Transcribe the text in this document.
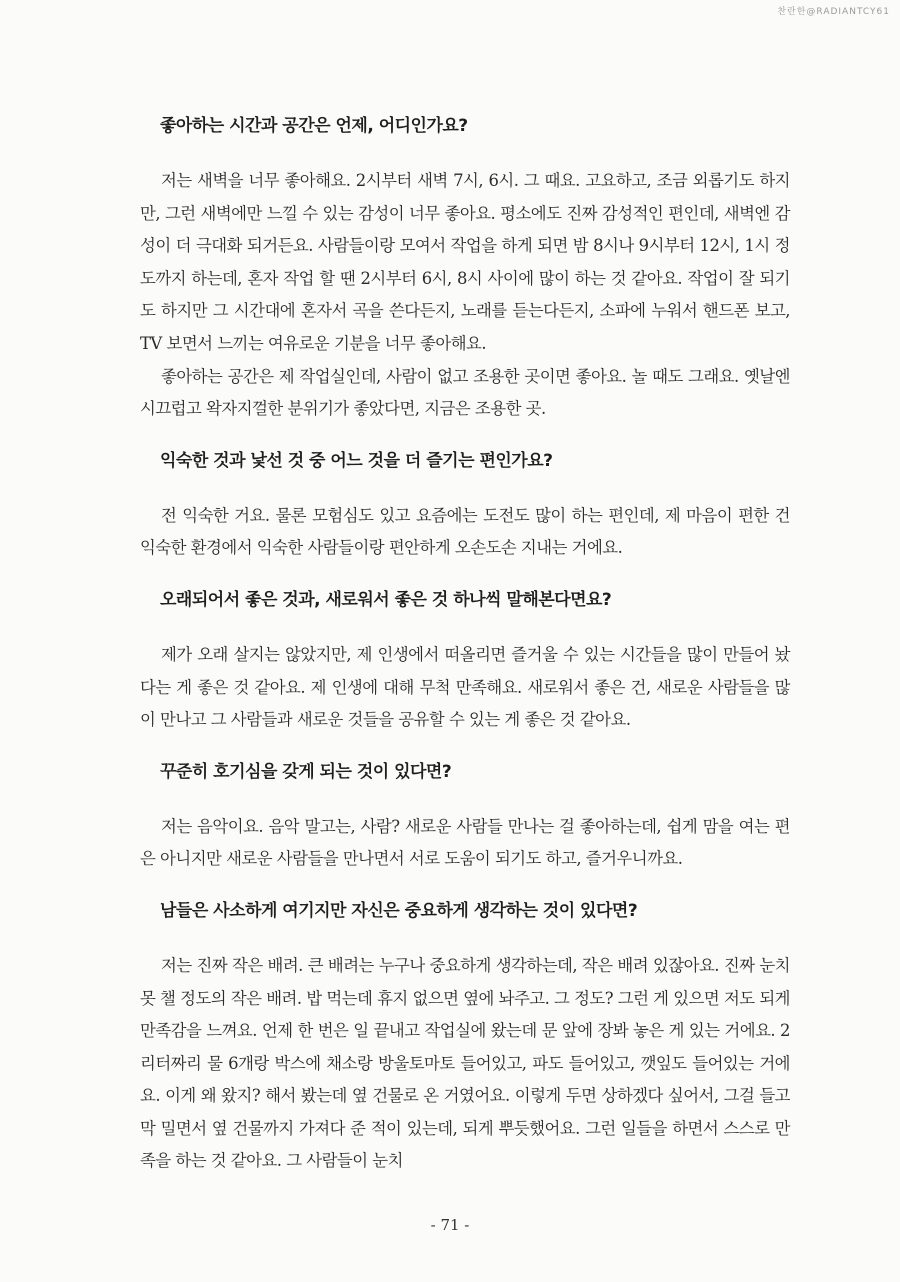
찬란한@RADIANTCY61

좋아하는 시간과 공간은 언제, 어디인가요?

저는 새벽을 너무 좋아해요. 2시부터 새벽 7시, 6시. 그 때요. 고요하고, 조금 외롭기도 하지만, 그런 새벽에만 느낄 수 있는 감성이 너무 좋아요. 평소에도 진짜 감성적인 편인데, 새벽엔 감성이 더 극대화 되거든요. 사람들이랑 모여서 작업을 하게 되면 밤 8시나 9시부터 12시, 1시 정도까지 하는데, 혼자 작업 할 땐 2시부터 6시, 8시 사이에 많이 하는 것 같아요. 작업이 잘 되기도 하지만 그 시간대에 혼자서 곡을 쓴다든지, 노래를 듣는다든지, 소파에 누워서 핸드폰 보고, TV 보면서 느끼는 여유로운 기분을 너무 좋아해요.
좋아하는 공간은 제 작업실인데, 사람이 없고 조용한 곳이면 좋아요. 놀 때도 그래요. 옛날엔 시끄럽고 왁자지껄한 분위기가 좋았다면, 지금은 조용한 곳.

익숙한 것과 낯선 것 중 어느 것을 더 즐기는 편인가요?

전 익숙한 거요. 물론 모험심도 있고 요즘에는 도전도 많이 하는 편인데, 제 마음이 편한 건 익숙한 환경에서 익숙한 사람들이랑 편안하게 오손도손 지내는 거에요.

오래되어서 좋은 것과, 새로워서 좋은 것 하나씩 말해본다면요?

제가 오래 살지는 않았지만, 제 인생에서 떠올리면 즐거울 수 있는 시간들을 많이 만들어 놨다는 게 좋은 것 같아요. 제 인생에 대해 무척 만족해요. 새로워서 좋은 건, 새로운 사람들을 많이 만나고 그 사람들과 새로운 것들을 공유할 수 있는 게 좋은 것 같아요.

꾸준히 호기심을 갖게 되는 것이 있다면?

저는 음악이요. 음악 말고는, 사람? 새로운 사람들 만나는 걸 좋아하는데, 쉽게 맘을 여는 편은 아니지만 새로운 사람들을 만나면서 서로 도움이 되기도 하고, 즐거우니까요.

남들은 사소하게 여기지만 자신은 중요하게 생각하는 것이 있다면?

저는 진짜 작은 배려. 큰 배려는 누구나 중요하게 생각하는데, 작은 배려 있잖아요. 진짜 눈치 못 챌 정도의 작은 배려. 밥 먹는데 휴지 없으면 옆에 놔주고. 그 정도? 그런 게 있으면 저도 되게 만족감을 느껴요. 언제 한 번은 일 끝내고 작업실에 왔는데 문 앞에 장봐 놓은 게 있는 거에요. 2리터짜리 물 6개랑 박스에 채소랑 방울토마토 들어있고, 파도 들어있고, 깻잎도 들어있는 거에요. 이게 왜 왔지? 해서 봤는데 옆 건물로 온 거였어요. 이렇게 두면 상하겠다 싶어서, 그걸 들고 막 밀면서 옆 건물까지 가져다 준 적이 있는데, 되게 뿌듯했어요. 그런 일들을 하면서 스스로 만족을 하는 것 같아요. 그 사람들이 눈치

- 71 -
